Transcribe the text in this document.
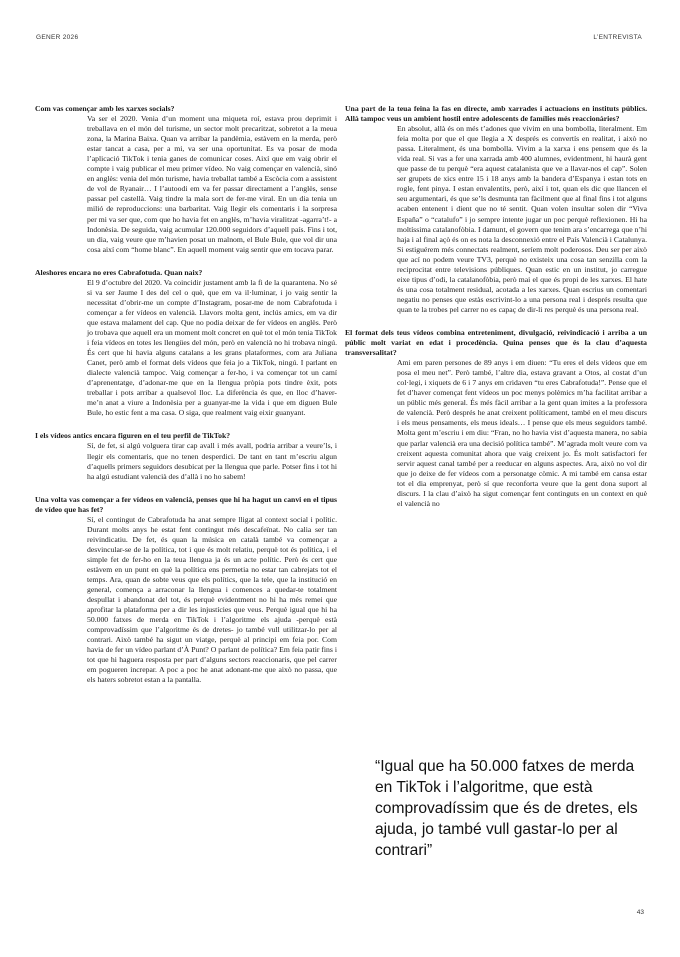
GENER 2026	L’ENTREVISTA

Com vas començar amb les xarxes socials?

Va ser el 2020. Venia d’un moment una miqueta roí, estava prou deprimit i treballava en el món del turisme, un sector molt precaritzat, sobretot a la meua zona, la Marina Baixa. Quan va arribar la pandèmia, estàvem en la merda, però estar tancat a casa, per a mi, va ser una oportunitat. Es va posar de moda l’aplicació TikTok i tenia ganes de comunicar coses. Així que em vaig obrir el compte i vaig publicar el meu primer vídeo. No vaig començar en valencià, sinó en anglès: venia del món turisme, havia treballat també a Escòcia com a assistent de vol de Ryanair… I l’autoodi em va fer passar directament a l’anglès, sense passar pel castellà. Vaig tindre la mala sort de fer-me viral. En un dia tenia un milió de reproduccions: una barbaritat. Vaig llegir els comentaris i la sorpresa per mi va ser que, com que ho havia fet en anglès, m’havia viralitzat -agarra’t!- a Indonèsia. De seguida, vaig acumular 120.000 seguidors d’aquell país. Fins i tot, un dia, vaig veure que m’havien posat un malnom, el Bule Bule, que vol dir una cosa així com “home blanc”. En aquell moment vaig sentir que em tocava parar.

Aleshores encara no eres Cabrafotuda. Quan naix?

El 9 d’octubre del 2020. Va coincidir justament amb la fi de la quarantena. No sé si va ser Jaume I des del cel o què, que em va il·luminar, i jo vaig sentir la necessitat d’obrir-me un compte d’Instagram, posar-me de nom Cabrafotuda i començar a fer vídeos en valencià. Llavors molta gent, inclús amics, em va dir que estava malament del cap. Que no podia deixar de fer vídeos en anglès. Però jo trobava que aquell era un moment molt concret en què tot el món tenia TikTok i feia vídeos en totes les llengües del món, però en valencià no hi trobava ningú. És cert que hi havia alguns catalans a les grans plataformes, com ara Juliana Canet, però amb el format dels vídeos que feia jo a TikTok, ningú. I parlant en dialecte valencià tampoc. Vaig començar a fer-ho, i va començar tot un camí d’aprenentatge, d’adonar-me que en la llengua pròpia pots tindre èxit, pots treballar i pots arribar a qualsevol lloc. La diferència és que, en lloc d’haver-me’n anat a viure a Indonèsia per a guanyar-me la vida i que em diguen Bule Bule, ho estic fent a ma casa. O siga, que realment vaig eixir guanyant.

I els vídeos antics encara figuren en el teu perfil de TikTok?

Sí, de fet, si algú volguera tirar cap avall i més avall, podria arribar a veure’ls, i llegir els comentaris, que no tenen desperdici. De tant en tant m’escriu algun d’aquells primers seguidors desubicat per la llengua que parle. Potser fins i tot hi ha algú estudiant valencià des d’allà i no ho sabem!

Una volta vas començar a fer vídeos en valencià, penses que hi ha hagut un canvi en el tipus de vídeo que has fet?

Sí, el contingut de Cabrafotuda ha anat sempre lligat al context social i polític. Durant molts anys he estat fent contingut més descafeïnat. No calia ser tan reivindicatiu. De fet, és quan la música en català també va començar a desvincular-se de la política, tot i que és molt relatiu, perquè tot és política, i el simple fet de fer-ho en la teua llengua ja és un acte polític. Però és cert que estàvem en un punt en què la política ens permetia no estar tan cabrejats tot el temps. Ara, quan de sobte veus que els polítics, que la tele, que la institució en general, comença a arraconar la llengua i comences a quedar-te totalment despullat i abandonat del tot, és perquè evidentment no hi ha més remei que aprofitar la plataforma per a dir les injustícies que veus. Perquè igual que hi ha 50.000 fatxes de merda en TikTok i l’algoritme els ajuda -perquè està comprovadíssim que l’algoritme és de dretes- jo també vull utilitzar-lo per al contrari. Això també ha sigut un viatge, perquè al principi em feia por. Com havia de fer un vídeo parlant d’À Punt? O parlant de política? Em feia patir fins i tot que hi haguera resposta per part d’alguns sectors reaccionaris, que pel carrer em pogueren increpar. A poc a poc he anat adonant-me que això no passa, que els haters sobretot estan a la pantalla.

Una part de la teua feina la fas en directe, amb xarrades i actuacions en instituts públics. Allà tampoc veus un ambient hostil entre adolescents de famílies més reaccionàries?

En absolut, allà és on més t’adones que vivim en una bombolla, literalment. Em feia molta por que el que llegia a X després es convertís en realitat, i això no passa. Literalment, és una bombolla. Vivim a la xarxa i ens pensem que és la vida real. Si vas a fer una xarrada amb 400 alumnes, evidentment, hi haurà gent que passe de tu perquè “era aquest catalanista que ve a llavar-nos el cap”. Solen ser grupets de xics entre 15 i 18 anys amb la bandera d’Espanya i estan tots en rogle, fent pinya. I estan envalentits, però, així i tot, quan els dic que llancen el seu argumentari, és que se’ls desmunta tan fàcilment que al final fins i tot alguns acaben entenent i dient que no té sentit. Quan volen insultar solen dir “Viva España” o “catalufo” i jo sempre intente jugar un poc perquè reflexionen. Hi ha moltíssima catalanofòbia. I damunt, el govern que tenim ara s’encarrega que n’hi haja i al final açò és on es nota la desconnexió entre el País Valencià i Catalunya. Si estiguérem més connectats realment, seríem molt poderosos. Deu ser per això que ací no podem veure TV3, perquè no existeix una cosa tan senzilla com la reciprocitat entre televisions públiques. Quan estic en un institut, jo carregue eixe tipus d’odi, la catalanofòbia, però mai el que és propi de les xarxes. El hate és una cosa totalment residual, acotada a les xarxes. Quan escrius un comentari negatiu no penses que estàs escrivint-lo a una persona real i després resulta que quan te la trobes pel carrer no es capaç de dir-li res perquè és una persona real.

El format dels teus vídeos combina entreteniment, divulgació, reivindicació i arriba a un públic molt variat en edat i procedència. Quina penses que és la clau d’aquesta transversalitat?

Ami em paren persones de 89 anys i em diuen: “Tu eres el dels vídeos que em posa el meu net”. Però també, l’altre dia, estava gravant a Otos, al costat d’un col·legi, i xiquets de 6 i 7 anys em cridaven “tu eres Cabrafotuda!”. Pense que el fet d’haver començat fent vídeos un poc menys polèmics m’ha facilitat arribar a un públic més general. És més fàcil arribar a la gent quan imites a la professora de valencià. Però després he anat creixent políticament, també en el meu discurs i els meus pensaments, els meus ideals… I pense que els meus seguidors també. Molta gent m’escriu i em diu: “Fran, no ho havia vist d’aquesta manera, no sabia que parlar valencià era una decisió política també”. M’agrada molt veure com va creixent aquesta comunitat ahora que vaig creixent jo. És molt satisfactori fer servir aquest canal també per a reeducar en alguns aspectes. Ara, això no vol dir que jo deixe de fer vídeos com a personatge còmic. A mi també em cansa estar tot el dia emprenyat, però sí que reconforta veure que la gent dona suport al discurs. I la clau d’això ha sigut començar fent continguts en un context en què el valencià no

“Igual que ha 50.000 fatxes de merda en TikTok i l’algoritme, que està comprovadíssim que és de dretes, els ajuda, jo també vull gastar-lo per al contrari”

43
